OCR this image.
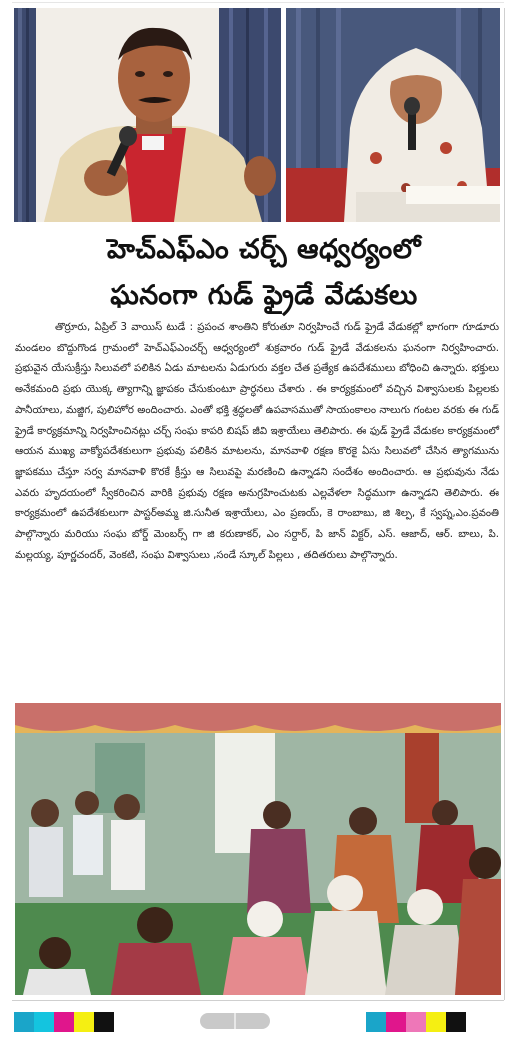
హెచ్ఎఫ్ఎం చర్చ్ ఆధ్వర్యంలో
ఘనంగా గుడ్ ఫ్రైడే వేడుకలు

తొర్రూరు, ఏప్రిల్ 3 వాయిస్ టుడే : ప్రపంచ శాంతిని కోరుతూ నిర్వహించే గుడ్ ఫ్రైడే వేడుకల్లో భాగంగా గూడూరు మండలం బొద్దుగొండ గ్రామంలో హెచ్ఎఫ్ఎంచర్చ్ ఆధ్వర్యంలో శుక్రవారం గుడ్ ఫ్రైడే వేడుకలను ఘనంగా నిర్వహించారు. ప్రభువైన యేసుక్రీస్తు సిలువలో పలికిన ఏడు మాటలను ఏడుగురు వక్తల చేత ప్రత్యేక ఉపదేశములు బోధించి ఉన్నారు. భక్తులు అనేకమంది ప్రభు యొక్క త్యాగాన్ని జ్ఞాపకం చేసుకుంటూ ప్రార్ధనలు చేశారు . ఈ కార్యక్రమంలో వచ్చిన విశ్వాసులకు పిల్లలకు పానీయాలు, మజ్జిగ, పులిహోర అందించారు. ఎంతో భక్తి శ్రద్ధలతో ఉపవాసముతో సాయంకాలం నాలుగు గంటల వరకు ఈ గుడ్ ఫ్రైడే కార్యక్రమాన్ని నిర్వహించినట్లు చర్చ్ సంఘ కాపరి బిషప్ జీవి ఇశ్రాయేలు తెలిపారు. ఈ ఫుడ్ ఫ్రైడే వేడుకల కార్యక్రమంలో ఆయన ముఖ్య వాక్యోపదేశకులుగా ప్రభువు పలికిన మాటలను, మానవాళి రక్షణ కొరకై ఏసు సిలువలో చేసిన త్యాగమును జ్ఞాపకము చేస్తూ సర్వ మానవాళి కొరకే క్రీస్తు ఆ సిలువపై మరణించి ఉన్నాడని సందేశం అందించారు. ఆ ప్రభువును నేడు ఎవరు హృదయంలో స్వీకరించిన వారికి ప్రభువు రక్షణ అనుగ్రహించుటకు ఎల్లవేళలా సిద్ధముగా ఉన్నాడని తెలిపారు. ఈ కార్యక్రమంలో ఉపదేశకులుగా పాస్టర్అమ్మ జి.సునీత ఇశ్రాయేలు, ఎం ప్రణయ్, కె రాంబాబు, జి శిల్ప, కే స్వప్న,ఎం.ప్రవంతి పాల్గొన్నారు మరియు సంఘ బోర్డ్ మెంబర్స్ గా జి కరుణాకర్, ఎం సర్దార్, పి జాన్ విక్టర్, ఎస్. ఆజాద్, ఆర్. బాలు, పి. మల్లయ్య, పూర్ణచందర్, వెంకటి, సంఘ విశ్వాసులు ,సండే స్కూల్ పిల్లలు , తదితరులు పాల్గొన్నారు.
